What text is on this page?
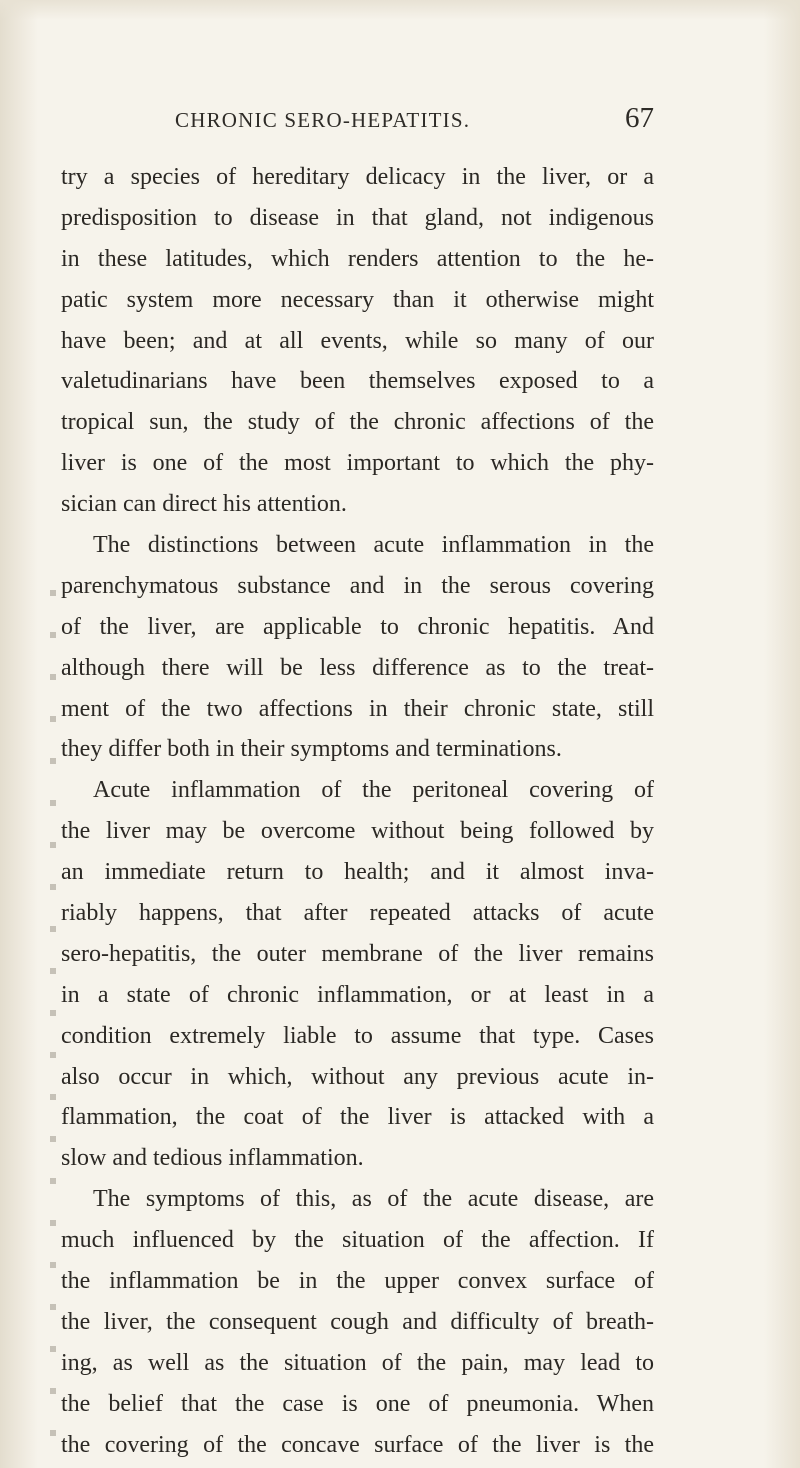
CHRONIC SERO-HEPATITIS.	67
try a species of hereditary delicacy in the liver, or a
predisposition to disease in that gland, not indigenous
in these latitudes, which renders attention to the he-
patic system more necessary than it otherwise might
have been; and at all events, while so many of our
valetudinarians have been themselves exposed to a
tropical sun, the study of the chronic affections of the
liver is one of the most important to which the phy-
sician can direct his attention.
The distinctions between acute inflammation in the
parenchymatous substance and in the serous covering
of the liver, are applicable to chronic hepatitis. And
although there will be less difference as to the treat-
ment of the two affections in their chronic state, still
they differ both in their symptoms and terminations.
Acute inflammation of the peritoneal covering of
the liver may be overcome without being followed by
an immediate return to health; and it almost inva-
riably happens, that after repeated attacks of acute
sero-hepatitis, the outer membrane of the liver remains
in a state of chronic inflammation, or at least in a
condition extremely liable to assume that type. Cases
also occur in which, without any previous acute in-
flammation, the coat of the liver is attacked with a
slow and tedious inflammation.
The symptoms of this, as of the acute disease, are
much influenced by the situation of the affection. If
the inflammation be in the upper convex surface of
the liver, the consequent cough and difficulty of breath-
ing, as well as the situation of the pain, may lead to
the belief that the case is one of pneumonia. When
the covering of the concave surface of the liver is the
